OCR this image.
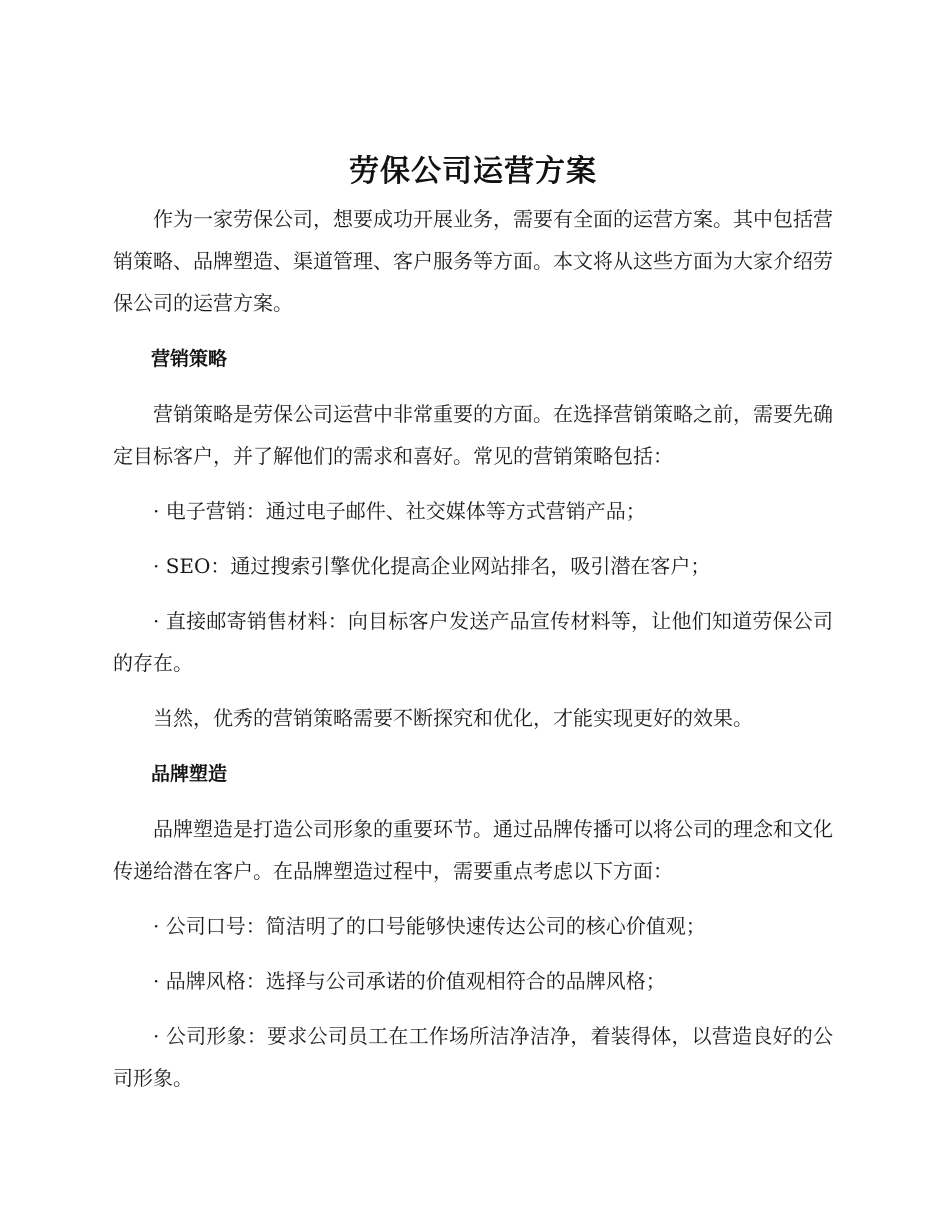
劳保公司运营方案

作为一家劳保公司，想要成功开展业务，需要有全面的运营方案。其中包括营销策略、品牌塑造、渠道管理、客户服务等方面。本文将从这些方面为大家介绍劳保公司的运营方案。

营销策略

营销策略是劳保公司运营中非常重要的方面。在选择营销策略之前，需要先确定目标客户，并了解他们的需求和喜好。常见的营销策略包括：

· 电子营销：通过电子邮件、社交媒体等方式营销产品；

· SEO：通过搜索引擎优化提高企业网站排名，吸引潜在客户；

· 直接邮寄销售材料：向目标客户发送产品宣传材料等，让他们知道劳保公司的存在。

当然，优秀的营销策略需要不断探究和优化，才能实现更好的效果。

品牌塑造

品牌塑造是打造公司形象的重要环节。通过品牌传播可以将公司的理念和文化传递给潜在客户。在品牌塑造过程中，需要重点考虑以下方面：

· 公司口号：简洁明了的口号能够快速传达公司的核心价值观；

· 品牌风格：选择与公司承诺的价值观相符合的品牌风格；

· 公司形象：要求公司员工在工作场所洁净洁净，着装得体，以营造良好的公司形象。
